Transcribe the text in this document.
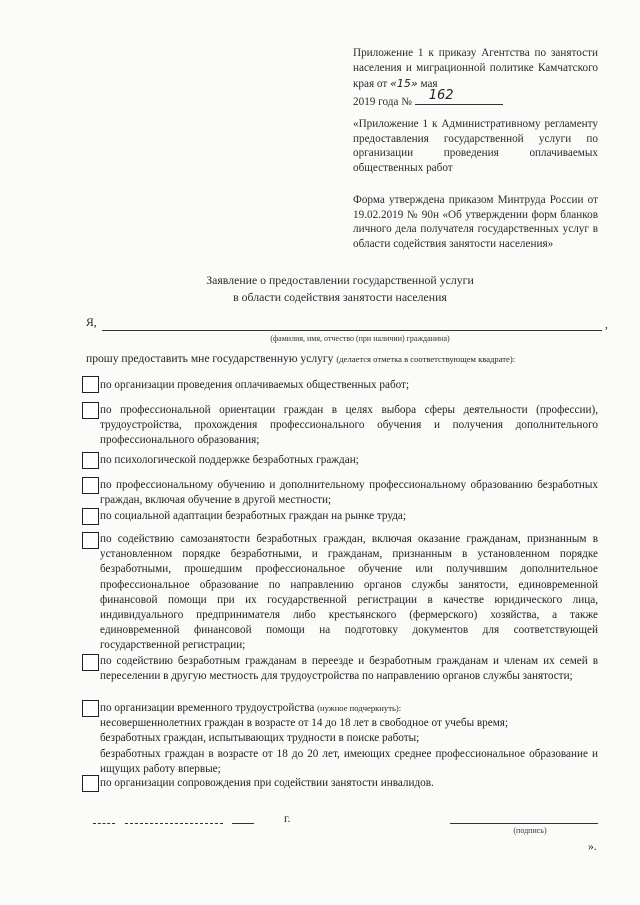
Приложение 1 к приказу Агентства по занятости населения и миграционной политике Камчатского края от «15» мая
2019 года № 162
«Приложение 1 к Административному регламенту предоставления государственной услуги по организации проведения оплачиваемых общественных работ
Форма утверждена приказом Минтруда России от 19.02.2019 № 90н «Об утверждении форм бланков личного дела получателя государственных услуг в области содействия занятости населения»
Заявление о предоставлении государственной услуги
в области содействия занятости населения
Я,	,
(фамилия, имя, отчество (при наличии) гражданина)
прошу предоставить мне государственную услугу (делается отметка в соответствующем квадрате):
по организации проведения оплачиваемых общественных работ;
по профессиональной ориентации граждан в целях выбора сферы деятельности (профессии), трудоустройства, прохождения профессионального обучения и получения дополнительного профессионального образования;
по психологической поддержке безработных граждан;
по профессиональному обучению и дополнительному профессиональному образованию безработных граждан, включая обучение в другой местности;
по социальной адаптации безработных граждан на рынке труда;
по содействию самозанятости безработных граждан, включая оказание гражданам, признанным в установленном порядке безработными, и гражданам, признанным в установленном порядке безработными, прошедшим профессиональное обучение или получившим дополнительное профессиональное образование по направлению органов службы занятости, единовременной финансовой помощи при их государственной регистрации в качестве юридического лица, индивидуального предпринимателя либо крестьянского (фермерского) хозяйства, а также единовременной финансовой помощи на подготовку документов для соответствующей государственной регистрации;
по содействию безработным гражданам в переезде и безработным гражданам и членам их семей в переселении в другую местность для трудоустройства по направлению органов службы занятости;
по организации временного трудоустройства (нужное подчеркнуть):
несовершеннолетних граждан в возрасте от 14 до 18 лет в свободное от учебы время;
безработных граждан, испытывающих трудности в поиске работы;
безработных граждан в возрасте от 18 до 20 лет, имеющих среднее профессиональное образование и ищущих работу впервые;
по организации сопровождения при содействии занятости инвалидов.
г.
(подпись)
».
